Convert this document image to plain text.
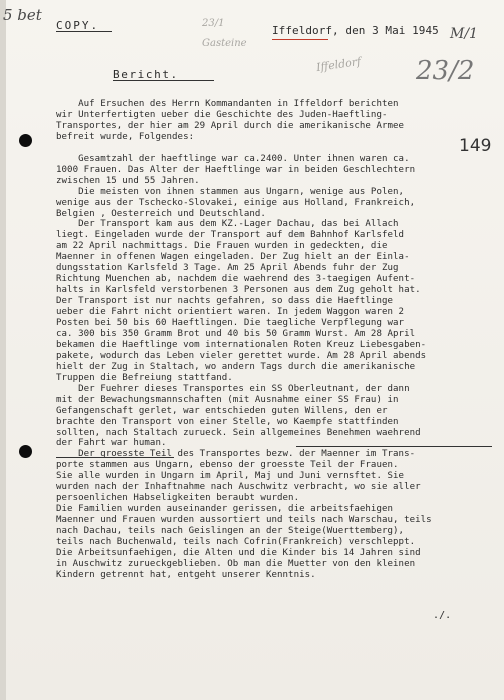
5 bet
COPY.	23/1
Gasteine
Iffeldorf
Iffeldorf, den 3 Mai 1945 M/1
23/2
Bericht.
149
Auf Ersuchen des Herrn Kommandanten in Iffeldorf berichten
wir Unterfertigten ueber die Geschichte des Juden-Haeftling-
Transportes, der hier am 29 April durch die amerikanische Armee
befreit wurde, Folgendes:
Gesamtzahl der haeftlinge war ca.2400. Unter ihnen waren ca.
1000 Frauen. Das Alter der Haeftlinge war in beiden Geschlechtern
zwischen 15 und 55 Jahren.
Die meisten von ihnen stammen aus Ungarn, wenige aus Polen,
wenige aus der Tschecko-Slovakei, einige aus Holland, Frankreich,
Belgien , Oesterreich und Deutschland.
Der Transport kam aus dem KZ.-Lager Dachau, das bei Allach
liegt. Eingeladen wurde der Transport auf dem Bahnhof Karlsfeld
am 22 April nachmittags. Die Frauen wurden in gedeckten, die
Maenner in offenen Wagen eingeladen. Der Zug hielt an der Einla-
dungsstation Karlsfeld 3 Tage. Am 25 April Abends fuhr der Zug
Richtung Muenchen ab, nachdem die waehrend des 3-taegigen Aufent-
halts in Karlsfeld verstorbenen 3 Personen aus dem Zug geholt hat.
Der Transport ist nur nachts gefahren, so dass die Haeftlinge
ueber die Fahrt nicht orientiert waren. In jedem Waggon waren 2
Posten bei 50 bis 60 Haeftlingen. Die taegliche Verpflegung war
ca. 300 bis 350 Gramm Brot und 40 bis 50 Gramm Wurst. Am 28 April
bekamen die Haeftlinge vom internationalen Roten Kreuz Liebesgaben-
pakete, wodurch das Leben vieler gerettet wurde. Am 28 April abends
hielt der Zug in Staltach, wo andern Tags durch die amerikanische
Truppen die Befreiung stattfand.
Der Fuehrer dieses Transportes ein SS Oberleutnant, der dann
mit der Bewachungsmannschaften (mit Ausnahme einer SS Frau) in
Gefangenschaft gerlet, war entschieden guten Willens, den er
brachte den Transport von einer Stelle, wo Kaempfe stattfinden
sollten, nach Staltach zurueck. Sein allgemeines Benehmen waehrend
der Fahrt war human.
Der groesste Teil des Transportes bezw. der Maenner im Trans-
porte stammen aus Ungarn, ebenso der groesste Teil der Frauen.
Sie alle wurden in Ungarn im April, Maj und Juni vernsftet. Sie
wurden nach der Inhaftnahme nach Auschwitz verbracht, wo sie aller
persoenlichen Habseligkeiten beraubt wurden.
Die Familien wurden auseinander gerissen, die arbeitsfaehigen
Maenner und Frauen wurden aussortiert und teils nach Warschau, teils
nach Dachau, teils nach Geislingen an der Steige(Wuerttemberg),
teils nach Buchenwald, teils nach Cofrin(Frankreich) verschleppt.
Die Arbeitsunfaehigen, die Alten und die Kinder bis 14 Jahren sind
in Auschwitz zurueckgeblieben. Ob man die Muetter von den kleinen
Kindern getrennt hat, entgeht unserer Kenntnis.
./.
